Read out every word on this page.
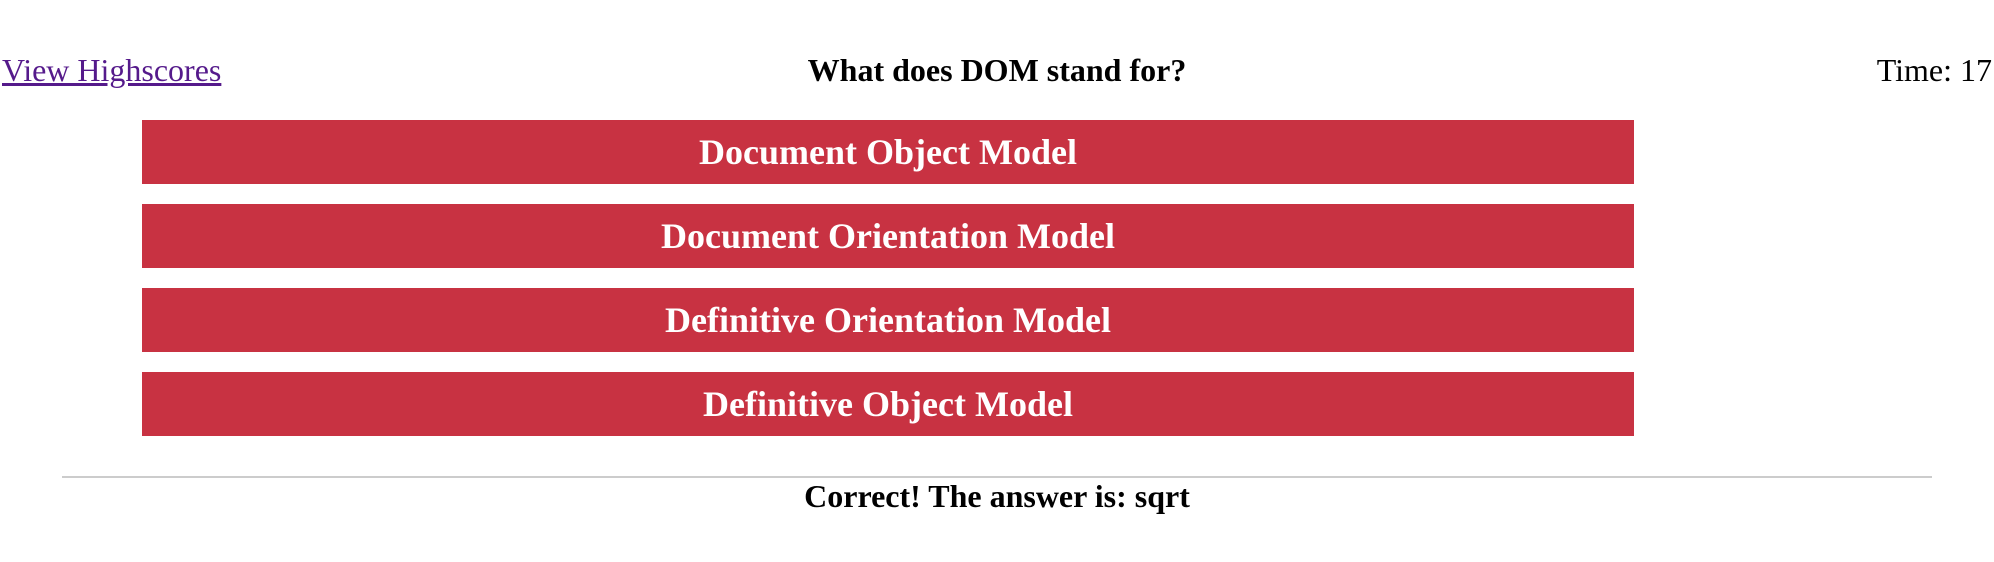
View Highscores	What does DOM stand for?	Time: 17
Document Object Model
Document Orientation Model
Definitive Orientation Model
Definitive Object Model
Correct! The answer is: sqrt
